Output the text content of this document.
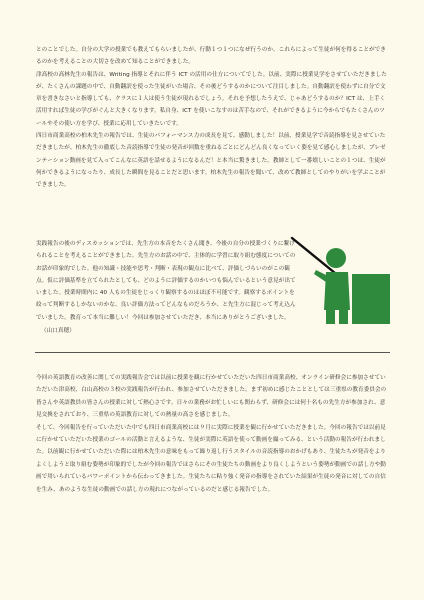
とのことでした。自分の大学の授業でも教えてもらいましたが、行動１つ１つになぜ行うのか、これらによって生徒が何を得ることができるのかを考えることの大切さを改めて知ることができました。
津高校の高林先生の報告は、Writing 指導とそれに伴う ICT の活用の仕方についてでした。以前、実際に授業見学をさせていただきましたが、たくさんの課題の中で、自動翻訳を使った生徒がいた場合、その後どうするのかについて注目しました。自動翻訳を使わずに自分で文章を書きなさいと指導しても、クラスに１人は使う生徒が現れるでしょう。それを予想したうえで、じゃあどうするのか？ICT は、上手く活用すれば生徒の学びがぐんと大きくなります。私自身、ICT を使いこなすのは苦手なので、それができるように今からでもたくさんのツールやその使い方を学び、授業に応用していきたいです。
四日市商業高校の柏木先生の報告では、生徒のパフォーマンス力の成長を見て、感動しました！以前、授業見学で音読指導を見させていただきましたが、柏木先生の徹底した音読指導で生徒の発音が回数を重ねるごとにどんどん良くなっていく姿を見て感心しましたが、プレゼンテーション動画を見て入ってこんなに英語を話せるようになるんだ！と本当に驚きました。教師として一番嬉しいことの１つは、生徒が何かできるようになったり、成長した瞬間を見ることだと思います。柏木先生の報告を聞いて、改めて教師としてのやりがいを学ぶことができました。

実践報告の後のディスカッションでは、先生方の本音をたくさん聞き、今後の自分の授業づくりに繋げられることを考えることができました。先生方のお話の中で、主体的に学習に取り組む態度についてのお話が印象的でした。他の知識・技能や思考・判断・表現の観点に比べて、評価しづらいのがこの観点。仮に評価基準を立てられたとしても、どのように評価するのかいつも悩んでいるという意見が出ていました。授業時間内に 40 人もの生徒をじっくり観察するのはほぼ不可能です。観察するポイントを絞って判断するしかないのかな、良い評価方法ってどんなものだろうか、と先生方に混じって考え込んでいました。教育って本当に難しい！今回は参加させていただき、本当にありがとうございました。

（山口真穂）

今回の英語教育の改善に関しての実践報告会では以前に授業を観に行かせていただいた四日市商業高校、オンライン研修会に参加させていただいた津高校、白山高校の３校の実践報告が行われ、参加させていただきました。まず初めに感じたこととしては三重県の教育委員会の皆さんや英語教員の皆さんの授業に対して熱心さです。日々の業務がお忙しいにも関わらず、研修会には何十名もの先生方が参加され、意見交換をされており、三重県の英語教育に対しての熱量の高さを感じました。
そして、今回報告を行っていただいた中でも四日市商業高校には９月に実際に授業を観に行かせていただきました。今回の報告では以前見に行かせていただいた授業のゴールの活動と言えるような、生徒が実際に英語を使って動画を撮ってみる、という活動の報告が行われました。以前観に行かせていただいた際には柏木先生の意味をもって繰り返し行うスタイルの音読指導のおかげもあり、生徒たちが発音をよりよくしようと取り組む姿勢が印象的でしたが今回の報告ではさらにその生徒たちの動画をより良くしようという姿勢が動画での話し方や動画で用いられているパワーポイントから伝わってきました。生徒たちに粘り強く発音の指導をされていた結果が生徒の発音に対しての自信を生み、あのような生徒の動画での話し方の現れにつながっているのだと感じる報告でした。
